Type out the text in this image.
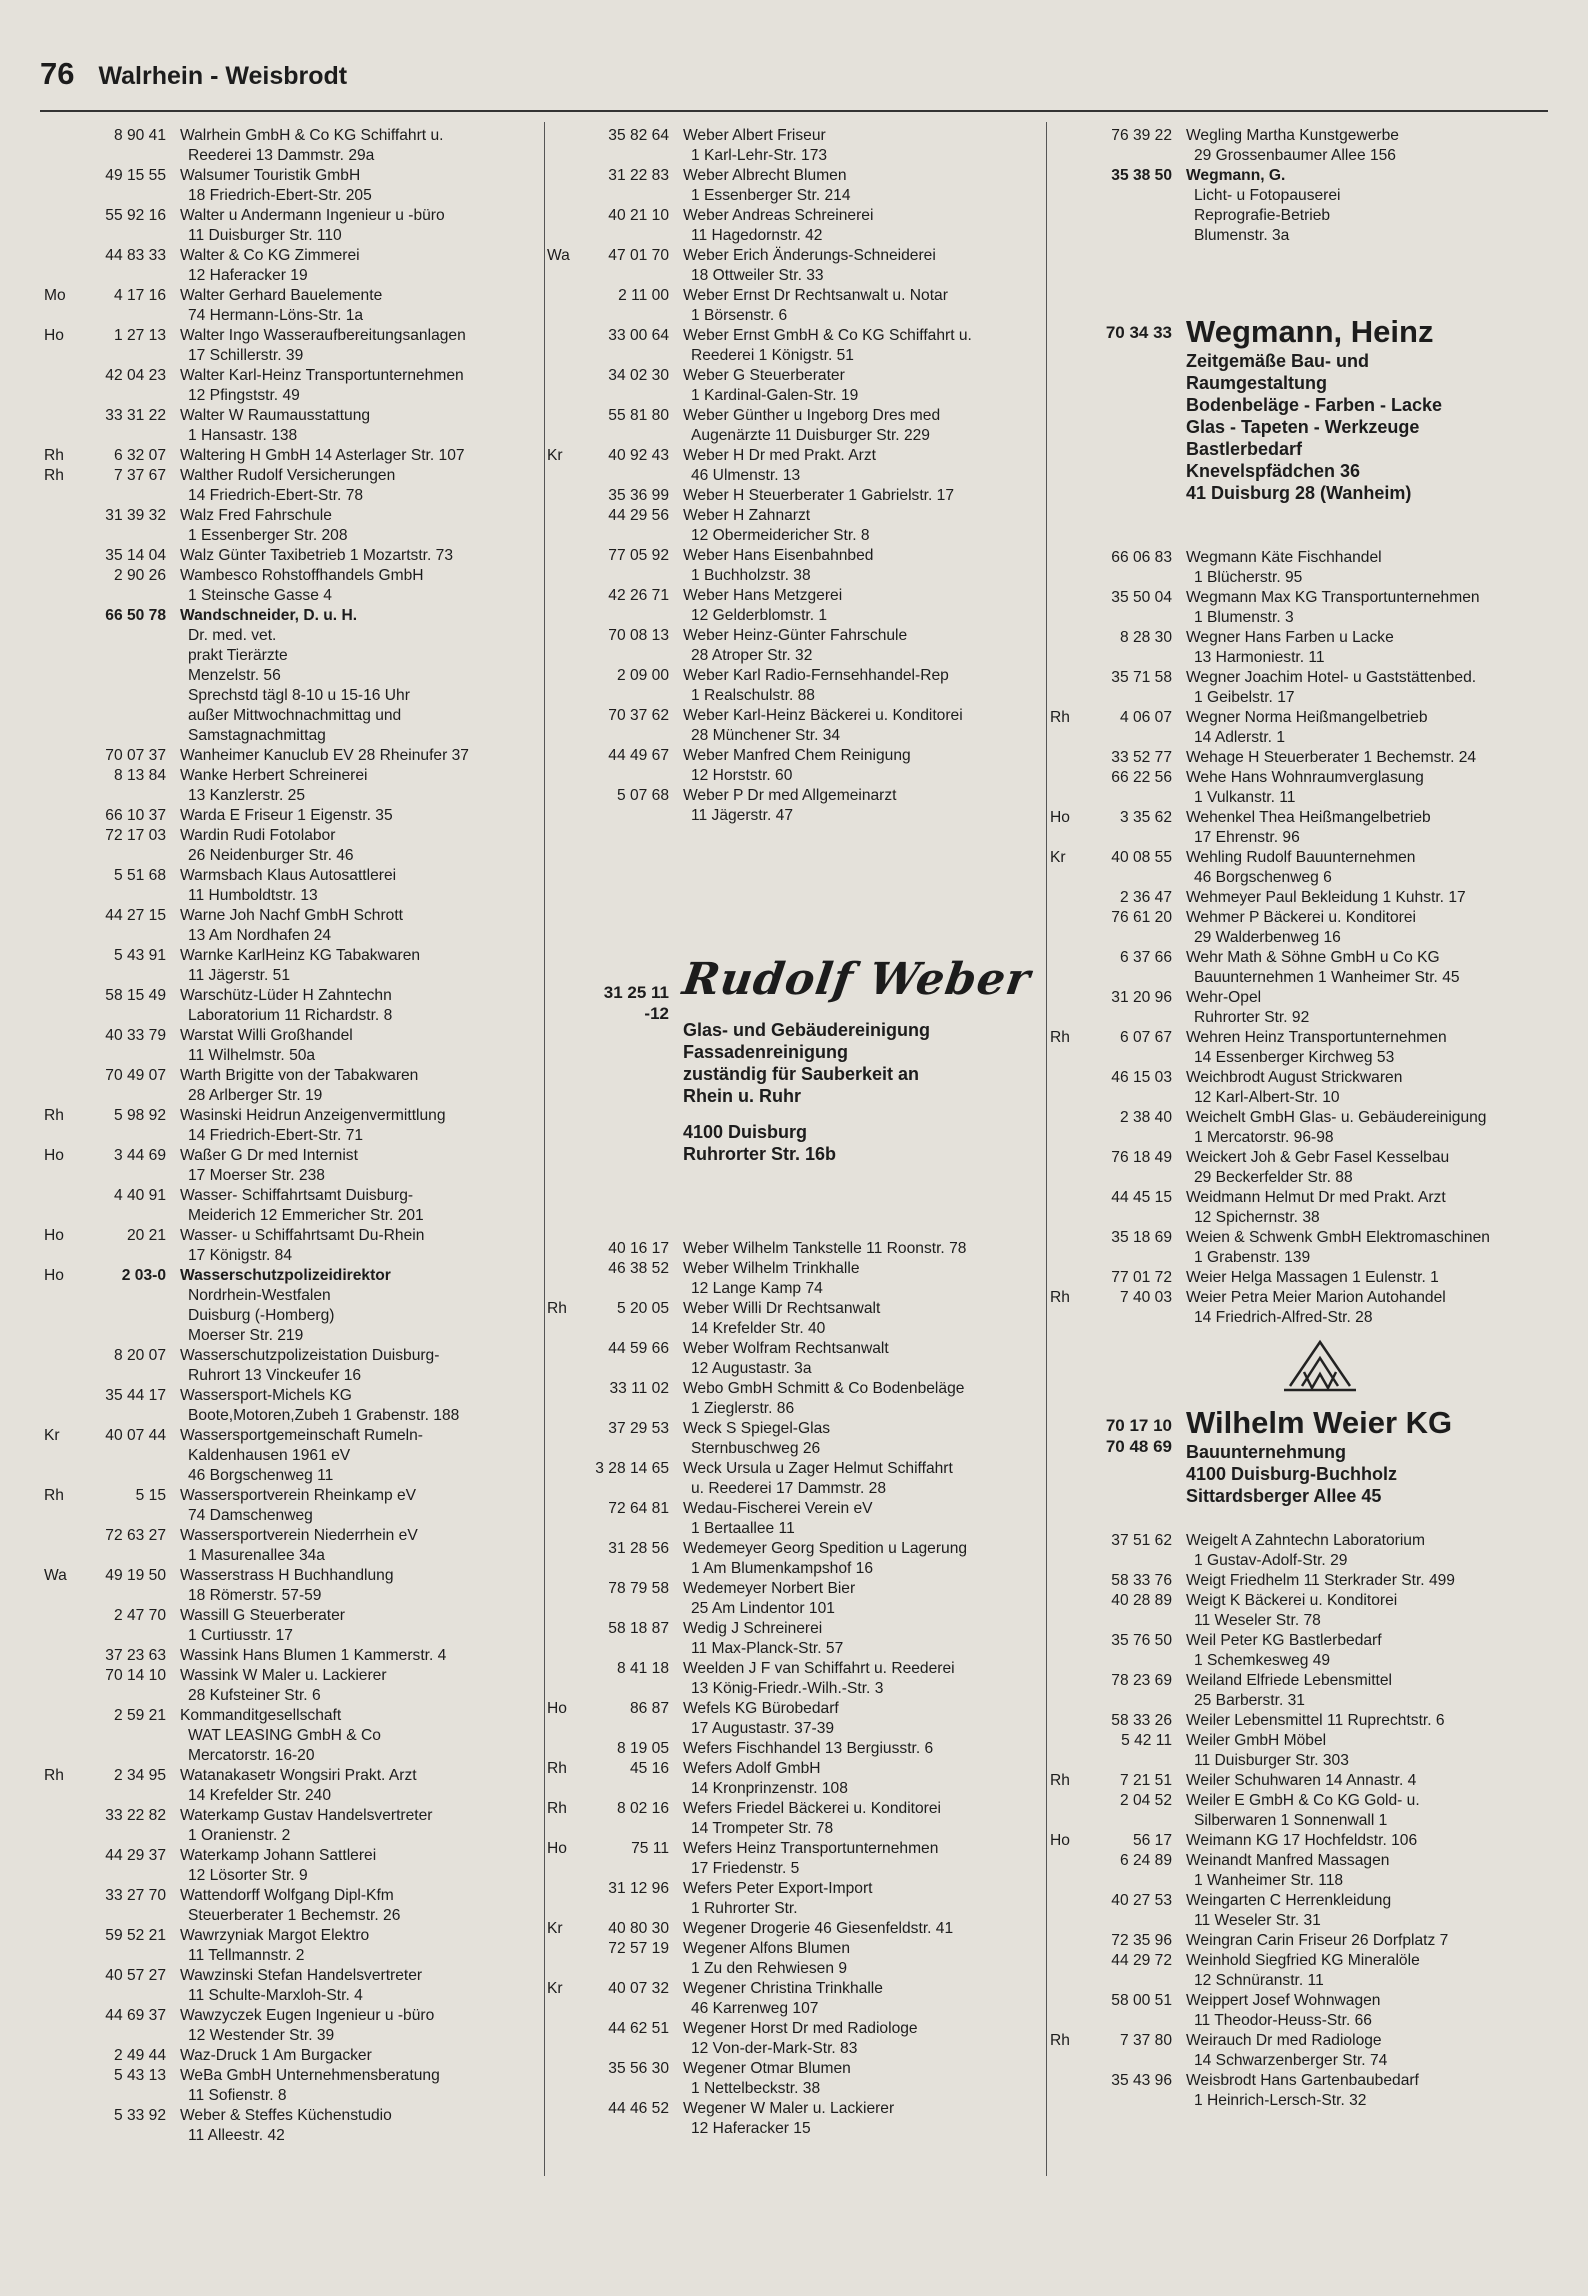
76 Walrhein - Weisbrodt
8 90 41 Walrhein GmbH & Co KG Schiffahrt u.
Reederei 13 Dammstr. 29a
49 15 55 Walsumer Touristik GmbH
18 Friedrich-Ebert-Str. 205
55 92 16 Walter u Andermann Ingenieur u -büro
11 Duisburger Str. 110
44 83 33 Walter & Co KG Zimmerei
12 Haferacker 19
Mo	4 17 16 Walter Gerhard Bauelemente
74 Hermann-Löns-Str. 1a
Ho	1 27 13 Walter Ingo Wasseraufbereitungsanlagen
17 Schillerstr. 39
42 04 23 Walter Karl-Heinz Transportunternehmen
12 Pfingststr. 49
33 31 22 Walter W Raumausstattung
1 Hansastr. 138
Rh	6 32 07 Waltering H GmbH 14 Asterlager Str. 107
Rh	7 37 67 Walther Rudolf Versicherungen
14 Friedrich-Ebert-Str. 78
31 39 32 Walz Fred Fahrschule
1 Essenberger Str. 208
35 14 04 Walz Günter Taxibetrieb 1 Mozartstr. 73
2 90 26 Wambesco Rohstoffhandels GmbH
1 Steinsche Gasse 4
66 50 78 Wandschneider, D. u. H.
Dr. med. vet.
prakt Tierärzte
Menzelstr. 56
Sprechstd tägl 8-10 u 15-16 Uhr
außer Mittwochnachmittag und
Samstagnachmittag
70 07 37 Wanheimer Kanuclub EV 28 Rheinufer 37
8 13 84 Wanke Herbert Schreinerei
13 Kanzlerstr. 25
66 10 37 Warda E Friseur 1 Eigenstr. 35
72 17 03 Wardin Rudi Fotolabor
26 Neidenburger Str. 46
5 51 68 Warmsbach Klaus Autosattlerei
11 Humboldtstr. 13
44 27 15 Warne Joh Nachf GmbH Schrott
13 Am Nordhafen 24
5 43 91 Warnke KarlHeinz KG Tabakwaren
11 Jägerstr. 51
58 15 49 Warschütz-Lüder H Zahntechn
Laboratorium 11 Richardstr. 8
40 33 79 Warstat Willi Großhandel
11 Wilhelmstr. 50a
70 49 07 Warth Brigitte von der Tabakwaren
28 Arlberger Str. 19
Rh	5 98 92 Wasinski Heidrun Anzeigenvermittlung
14 Friedrich-Ebert-Str. 71
Ho	3 44 69 Waßer G Dr med Internist
17 Moerser Str. 238
4 40 91 Wasser- Schiffahrtsamt Duisburg-
Meiderich 12 Emmericher Str. 201
Ho	20 21 Wasser- u Schiffahrtsamt Du-Rhein
17 Königstr. 84
Ho	2 03-0 Wasserschutzpolizeidirektor
Nordrhein-Westfalen
Duisburg (-Homberg)
Moerser Str. 219
8 20 07 Wasserschutzpolizeistation Duisburg-
Ruhrort 13 Vinckeufer 16
35 44 17 Wassersport-Michels KG
Boote,Motoren,Zubeh 1 Grabenstr. 188
Kr	40 07 44 Wassersportgemeinschaft Rumeln-
Kaldenhausen 1961 eV
46 Borgschenweg 11
Rh	5 15 Wassersportverein Rheinkamp eV
74 Damschenweg
72 63 27 Wassersportverein Niederrhein eV
1 Masurenallee 34a
Wa	49 19 50 Wasserstrass H Buchhandlung
18 Römerstr. 57-59
2 47 70 Wassill G Steuerberater
1 Curtiusstr. 17
37 23 63 Wassink Hans Blumen 1 Kammerstr. 4
70 14 10 Wassink W Maler u. Lackierer
28 Kufsteiner Str. 6
2 59 21 Kommanditgesellschaft
WAT LEASING GmbH & Co
Mercatorstr. 16-20
Rh	2 34 95 Watanakasetr Wongsiri Prakt. Arzt
14 Krefelder Str. 240
33 22 82 Waterkamp Gustav Handelsvertreter
1 Oranienstr. 2
44 29 37 Waterkamp Johann Sattlerei
12 Lösorter Str. 9
33 27 70 Wattendorff Wolfgang Dipl-Kfm
Steuerberater 1 Bechemstr. 26
59 52 21 Wawrzyniak Margot Elektro
11 Tellmannstr. 2
40 57 27 Wawzinski Stefan Handelsvertreter
11 Schulte-Marxloh-Str. 4
44 69 37 Wawzyczek Eugen Ingenieur u -büro
12 Westender Str. 39
2 49 44 Waz-Druck 1 Am Burgacker
5 43 13 WeBa GmbH Unternehmensberatung
11 Sofienstr. 8
5 33 92 Weber & Steffes Küchenstudio
11 Alleestr. 42
35 82 64 Weber Albert Friseur
1 Karl-Lehr-Str. 173
31 22 83 Weber Albrecht Blumen
1 Essenberger Str. 214
40 21 10 Weber Andreas Schreinerei
11 Hagedornstr. 42
Wa	47 01 70 Weber Erich Änderungs-Schneiderei
18 Ottweiler Str. 33
2 11 00 Weber Ernst Dr Rechtsanwalt u. Notar
1 Börsenstr. 6
33 00 64 Weber Ernst GmbH & Co KG Schiffahrt u.
Reederei 1 Königstr. 51
34 02 30 Weber G Steuerberater
1 Kardinal-Galen-Str. 19
55 81 80 Weber Günther u Ingeborg Dres med
Augenärzte 11 Duisburger Str. 229
Kr	40 92 43 Weber H Dr med Prakt. Arzt
46 Ulmenstr. 13
35 36 99 Weber H Steuerberater 1 Gabrielstr. 17
44 29 56 Weber H Zahnarzt
12 Obermeidericher Str. 8
77 05 92 Weber Hans Eisenbahnbed
1 Buchholzstr. 38
42 26 71 Weber Hans Metzgerei
12 Gelderblomstr. 1
70 08 13 Weber Heinz-Günter Fahrschule
28 Atroper Str. 32
2 09 00 Weber Karl Radio-Fernsehhandel-Rep
1 Realschulstr. 88
70 37 62 Weber Karl-Heinz Bäckerei u. Konditorei
28 Münchener Str. 34
44 49 67 Weber Manfred Chem Reinigung
12 Horststr. 60
5 07 68 Weber P Dr med Allgemeinarzt
11 Jägerstr. 47
31 25 11
-12
Rudolf Weber
Glas- und Gebäudereinigung
Fassadenreinigung
zuständig für Sauberkeit an
Rhein u. Ruhr
4100 Duisburg
Ruhrorter Str. 16b
40 16 17 Weber Wilhelm Tankstelle 11 Roonstr. 78
46 38 52 Weber Wilhelm Trinkhalle
12 Lange Kamp 74
Rh	5 20 05 Weber Willi Dr Rechtsanwalt
14 Krefelder Str. 40
44 59 66 Weber Wolfram Rechtsanwalt
12 Augustastr. 3a
33 11 02 Webo GmbH Schmitt & Co Bodenbeläge
1 Zieglerstr. 86
37 29 53 Weck S Spiegel-Glas
Sternbuschweg 26
3 28 14 65 Weck Ursula u Zager Helmut Schiffahrt
u. Reederei 17 Dammstr. 28
72 64 81 Wedau-Fischerei Verein eV
1 Bertaallee 11
31 28 56 Wedemeyer Georg Spedition u Lagerung
1 Am Blumenkampshof 16
78 79 58 Wedemeyer Norbert Bier
25 Am Lindentor 101
58 18 87 Wedig J Schreinerei
11 Max-Planck-Str. 57
8 41 18 Weelden J F van Schiffahrt u. Reederei
13 König-Friedr.-Wilh.-Str. 3
Ho	86 87 Wefels KG Bürobedarf
17 Augustastr. 37-39
8 19 05 Wefers Fischhandel 13 Bergiusstr. 6
Rh	45 16 Wefers Adolf GmbH
14 Kronprinzenstr. 108
Rh	8 02 16 Wefers Friedel Bäckerei u. Konditorei
14 Trompeter Str. 78
Ho	75 11 Wefers Heinz Transportunternehmen
17 Friedenstr. 5
31 12 96 Wefers Peter Export-Import
1 Ruhrorter Str.
Kr	40 80 30 Wegener Drogerie 46 Giesenfeldstr. 41
72 57 19 Wegener Alfons Blumen
1 Zu den Rehwiesen 9
Kr	40 07 32 Wegener Christina Trinkhalle
46 Karrenweg 107
44 62 51 Wegener Horst Dr med Radiologe
12 Von-der-Mark-Str. 83
35 56 30 Wegener Otmar Blumen
1 Nettelbeckstr. 38
44 46 52 Wegener W Maler u. Lackierer
12 Haferacker 15
76 39 22 Wegling Martha Kunstgewerbe
29 Grossenbaumer Allee 156
35 38 50 Wegmann, G.
Licht- u Fotopauserei
Reprografie-Betrieb
Blumenstr. 3a
70 34 33 Wegmann, Heinz
Zeitgemäße Bau- und
Raumgestaltung
Bodenbeläge - Farben - Lacke
Glas - Tapeten - Werkzeuge
Bastlerbedarf
Knevelspfädchen 36
41 Duisburg 28 (Wanheim)
66 06 83 Wegmann Käte Fischhandel
1 Blücherstr. 95
35 50 04 Wegmann Max KG Transportunternehmen
1 Blumenstr. 3
8 28 30 Wegner Hans Farben u Lacke
13 Harmoniestr. 11
35 71 58 Wegner Joachim Hotel- u Gaststättenbed.
1 Geibelstr. 17
Rh	4 06 07 Wegner Norma Heißmangelbetrieb
14 Adlerstr. 1
33 52 77 Wehage H Steuerberater 1 Bechemstr. 24
66 22 56 Wehe Hans Wohnraumverglasung
1 Vulkanstr. 11
Ho	3 35 62 Wehenkel Thea Heißmangelbetrieb
17 Ehrenstr. 96
Kr	40 08 55 Wehling Rudolf Bauunternehmen
46 Borgschenweg 6
2 36 47 Wehmeyer Paul Bekleidung 1 Kuhstr. 17
76 61 20 Wehmer P Bäckerei u. Konditorei
29 Walderbenweg 16
6 37 66 Wehr Math & Söhne GmbH u Co KG
Bauunternehmen 1 Wanheimer Str. 45
31 20 96 Wehr-Opel
Ruhrorter Str. 92
Rh	6 07 67 Wehren Heinz Transportunternehmen
14 Essenberger Kirchweg 53
46 15 03 Weichbrodt August Strickwaren
12 Karl-Albert-Str. 10
2 38 40 Weichelt GmbH Glas- u. Gebäudereinigung
1 Mercatorstr. 96-98
76 18 49 Weickert Joh & Gebr Fasel Kesselbau
29 Beckerfelder Str. 88
44 45 15 Weidmann Helmut Dr med Prakt. Arzt
12 Spichernstr. 38
35 18 69 Weien & Schwenk GmbH Elektromaschinen
1 Grabenstr. 139
77 01 72 Weier Helga Massagen 1 Eulenstr. 1
Rh	7 40 03 Weier Petra Meier Marion Autohandel
14 Friedrich-Alfred-Str. 28
70 17 10
70 48 69
Wilhelm Weier KG
Bauunternehmung
4100 Duisburg-Buchholz
Sittardsberger Allee 45
37 51 62 Weigelt A Zahntechn Laboratorium
1 Gustav-Adolf-Str. 29
58 33 76 Weigt Friedhelm 11 Sterkrader Str. 499
40 28 89 Weigt K Bäckerei u. Konditorei
11 Weseler Str. 78
35 76 50 Weil Peter KG Bastlerbedarf
1 Schemkesweg 49
78 23 69 Weiland Elfriede Lebensmittel
25 Barberstr. 31
58 33 26 Weiler Lebensmittel 11 Ruprechtstr. 6
5 42 11 Weiler GmbH Möbel
11 Duisburger Str. 303
Rh	7 21 51 Weiler Schuhwaren 14 Annastr. 4
2 04 52 Weiler E GmbH & Co KG Gold- u.
Silberwaren 1 Sonnenwall 1
Ho	56 17 Weimann KG 17 Hochfeldstr. 106
6 24 89 Weinandt Manfred Massagen
1 Wanheimer Str. 118
40 27 53 Weingarten C Herrenkleidung
11 Weseler Str. 31
72 35 96 Weingran Carin Friseur 26 Dorfplatz 7
44 29 72 Weinhold Siegfried KG Mineralöle
12 Schnüranstr. 11
58 00 51 Weippert Josef Wohnwagen
11 Theodor-Heuss-Str. 66
Rh	7 37 80 Weirauch Dr med Radiologe
14 Schwarzenberger Str. 74
35 43 96 Weisbrodt Hans Gartenbaubedarf
1 Heinrich-Lersch-Str. 32
